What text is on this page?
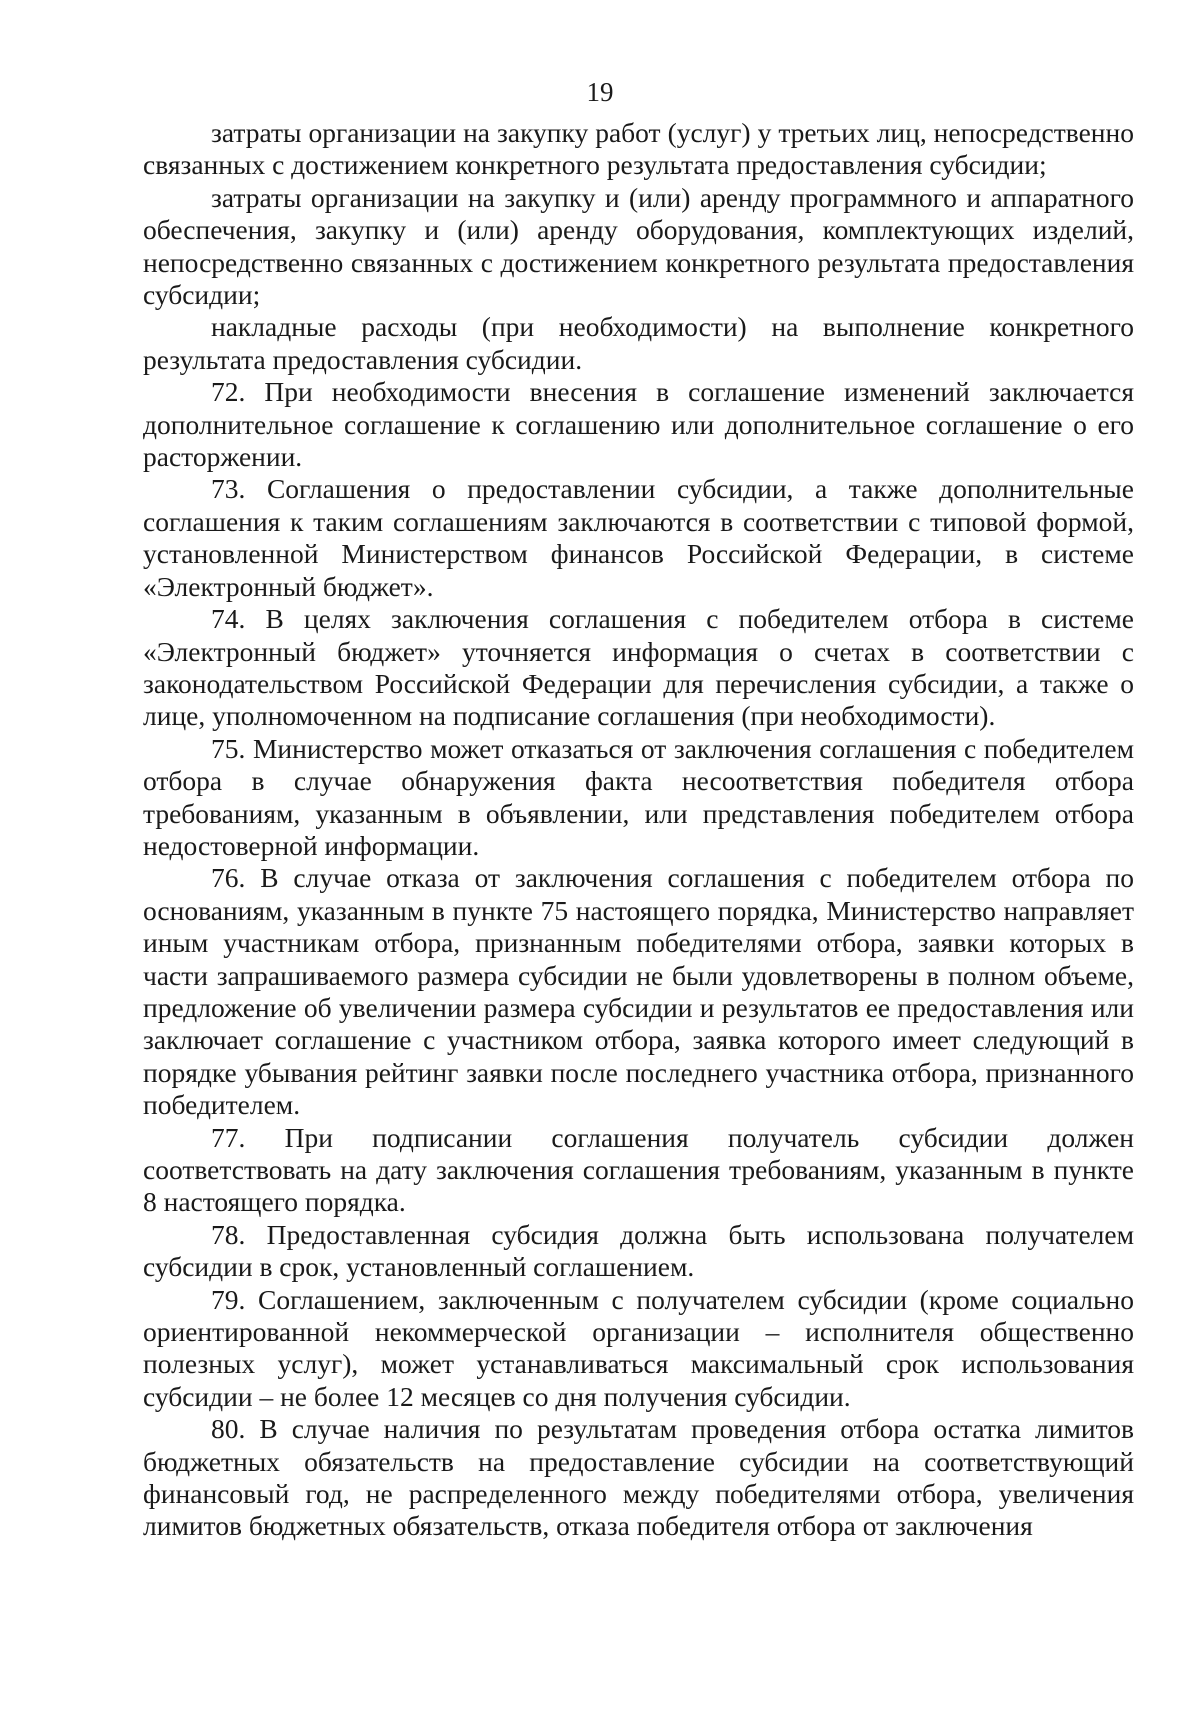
19

затраты организации на закупку работ (услуг) у третьих лиц, непосредственно связанных с достижением конкретного результата предоставления субсидии;

затраты организации на закупку и (или) аренду программного и аппаратного обеспечения, закупку и (или) аренду оборудования, комплектующих изделий, непосредственно связанных с достижением конкретного результата предоставления субсидии;

накладные расходы (при необходимости) на выполнение конкретного результата предоставления субсидии.

72. При необходимости внесения в соглашение изменений заключается дополнительное соглашение к соглашению или дополнительное соглашение о его расторжении.

73. Соглашения о предоставлении субсидии, а также дополнительные соглашения к таким соглашениям заключаются в соответствии с типовой формой, установленной Министерством финансов Российской Федерации, в системе «Электронный бюджет».

74. В целях заключения соглашения с победителем отбора в системе «Электронный бюджет» уточняется информация о счетах в соответствии с законодательством Российской Федерации для перечисления субсидии, а также о лице, уполномоченном на подписание соглашения (при необходимости).

75. Министерство может отказаться от заключения соглашения с победителем отбора в случае обнаружения факта несоответствия победителя отбора требованиям, указанным в объявлении, или представления победителем отбора недостоверной информации.

76. В случае отказа от заключения соглашения с победителем отбора по основаниям, указанным в пункте 75 настоящего порядка, Министерство направляет иным участникам отбора, признанным победителями отбора, заявки которых в части запрашиваемого размера субсидии не были удовлетворены в полном объеме, предложение об увеличении размера субсидии и результатов ее предоставления или заключает соглашение с участником отбора, заявка которого имеет следующий в порядке убывания рейтинг заявки после последнего участника отбора, признанного победителем.

77. При подписании соглашения получатель субсидии должен соответствовать на дату заключения соглашения требованиям, указанным в пункте 8 настоящего порядка.

78. Предоставленная субсидия должна быть использована получателем субсидии в срок, установленный соглашением.

79. Соглашением, заключенным с получателем субсидии (кроме социально ориентированной некоммерческой организации – исполнителя общественно полезных услуг), может устанавливаться максимальный срок использования субсидии – не более 12 месяцев со дня получения субсидии.

80. В случае наличия по результатам проведения отбора остатка лимитов бюджетных обязательств на предоставление субсидии на соответствующий финансовый год, не распределенного между победителями отбора, увеличения лимитов бюджетных обязательств, отказа победителя отбора от заключения
